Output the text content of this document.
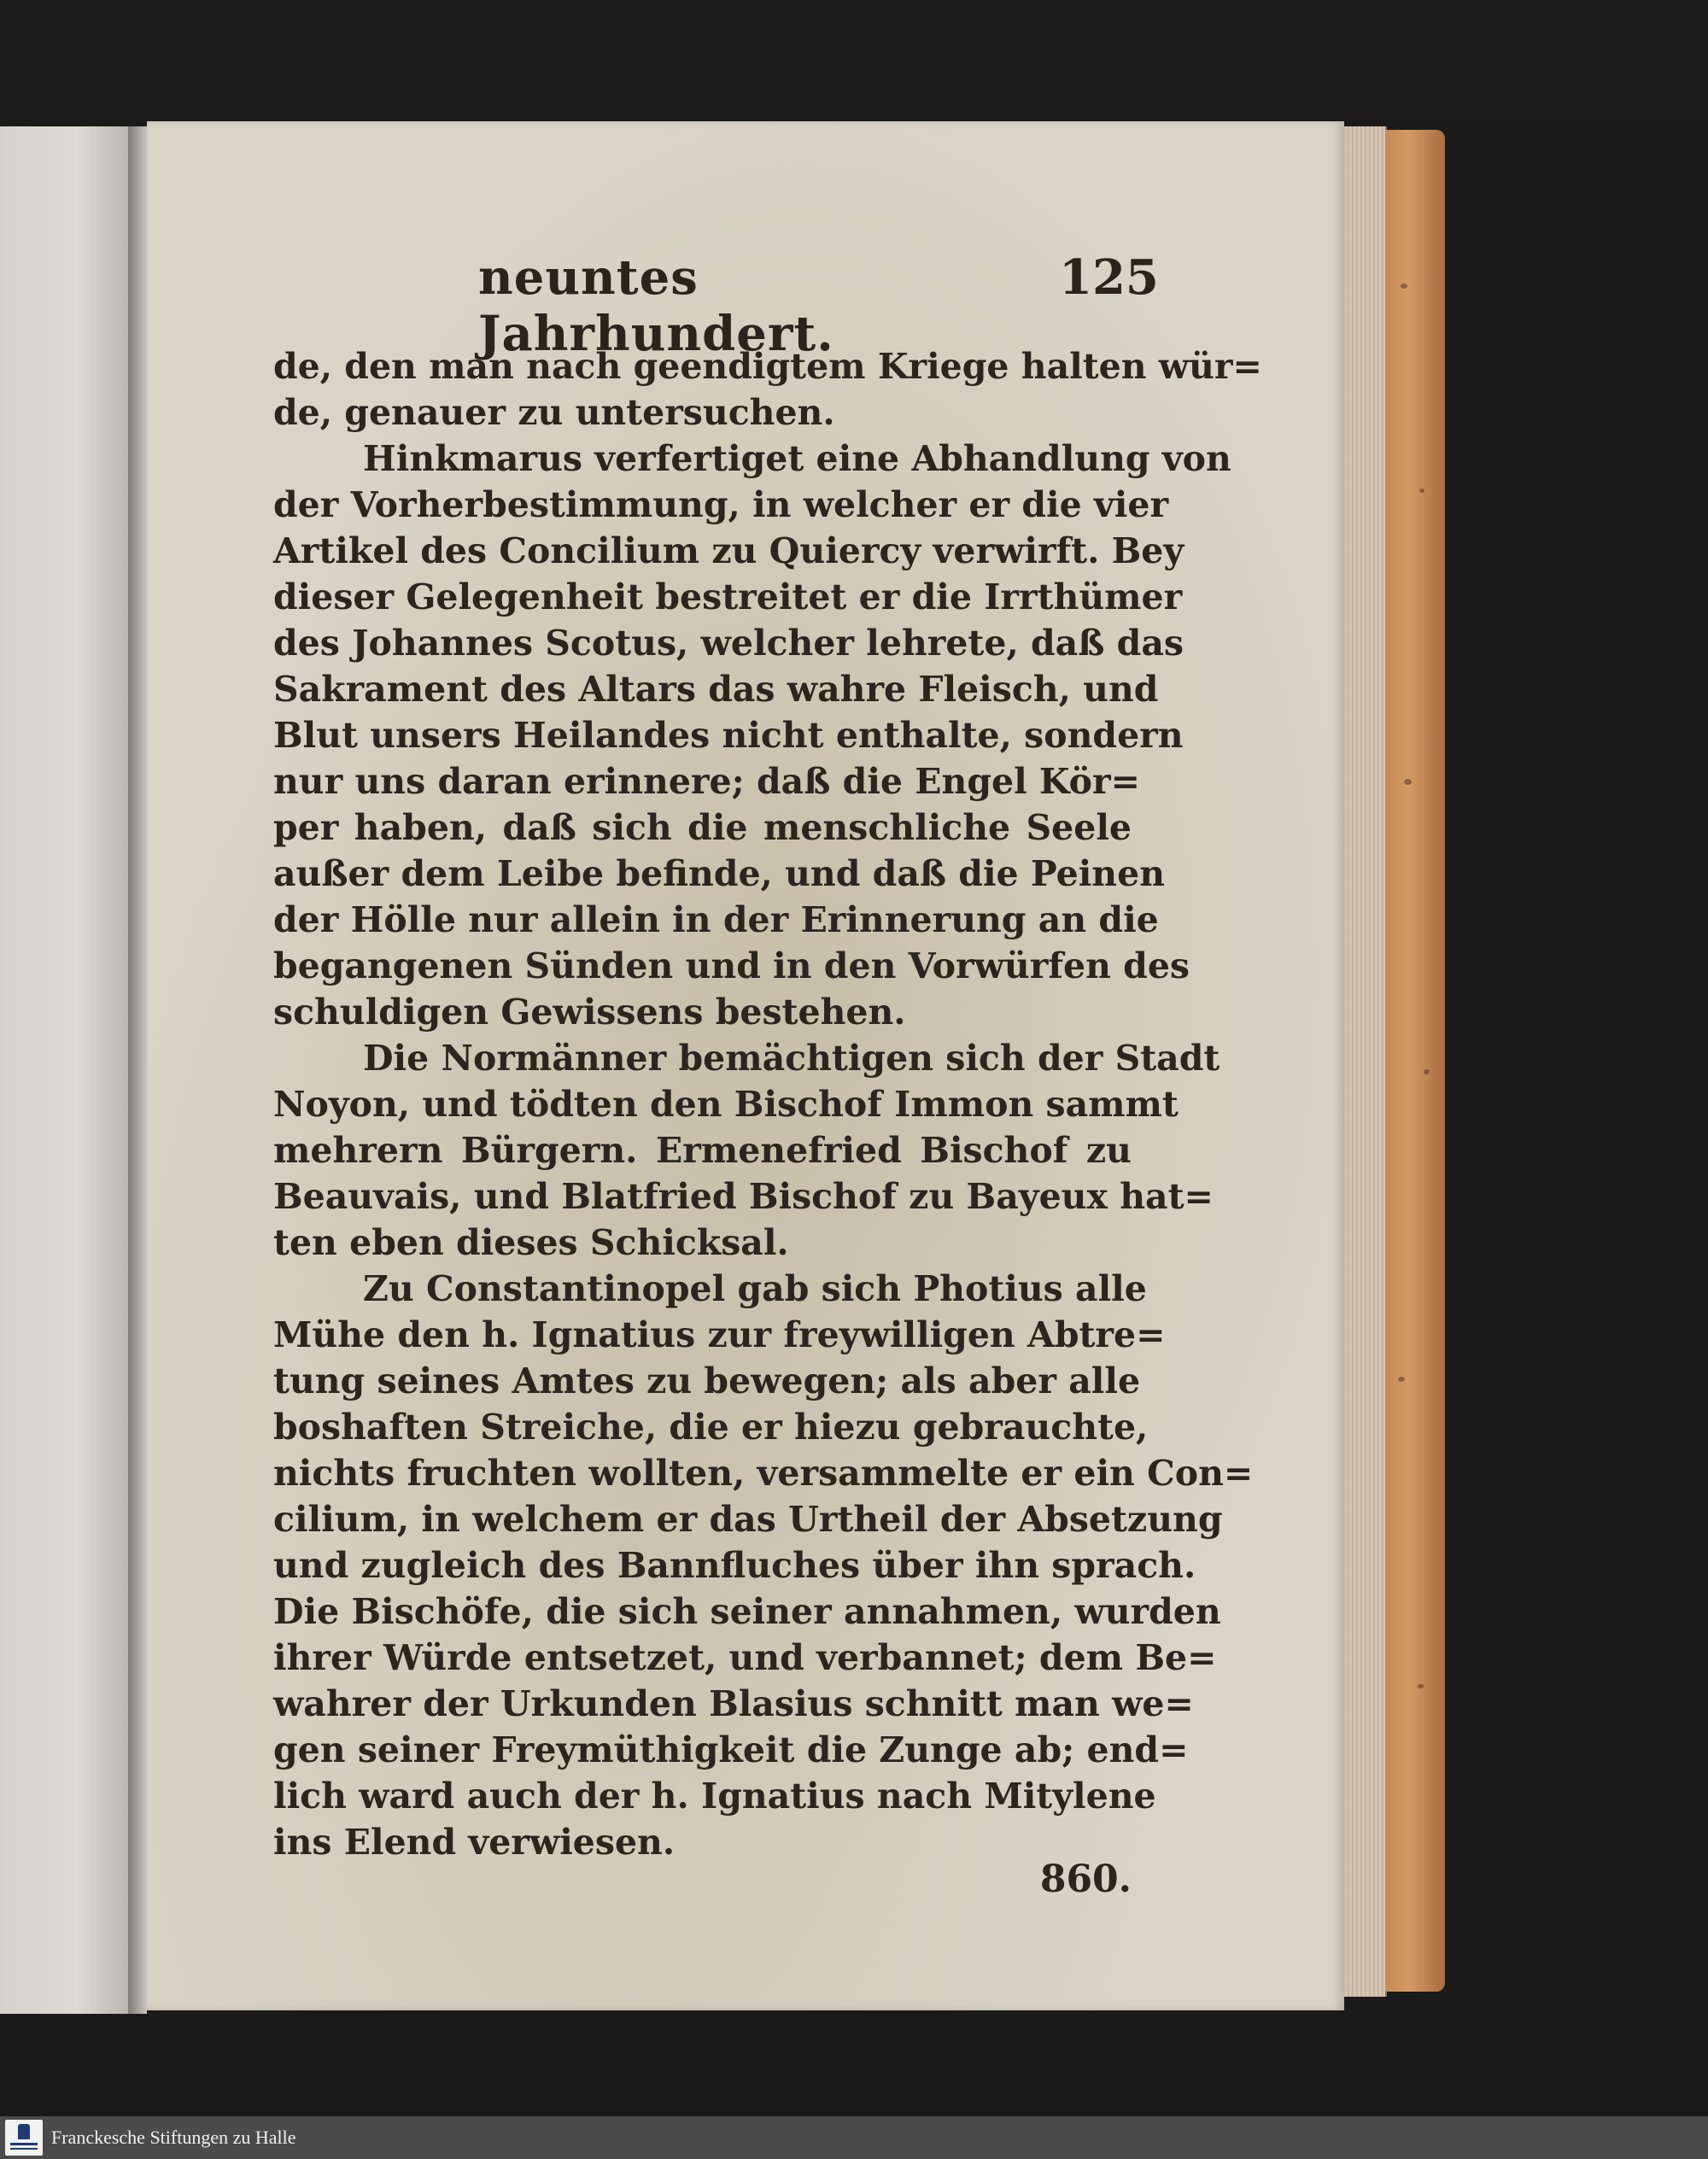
neuntes Jahrhundert.
125
de, den man nach geendigtem Kriege halten wür=
de, genauer zu untersuchen.
Hinkmarus verfertiget eine Abhandlung von
der Vorherbestimmung, in welcher er die vier
Artikel des Concilium zu Quiercy verwirft. Bey
dieser Gelegenheit bestreitet er die Irrthümer
des Johannes Scotus, welcher lehrete, daß das
Sakrament des Altars das wahre Fleisch, und
Blut unsers Heilandes nicht enthalte, sondern
nur uns daran erinnere; daß die Engel Kör=
per haben, daß sich die menschliche Seele
außer dem Leibe befinde, und daß die Peinen
der Hölle nur allein in der Erinnerung an die
begangenen Sünden und in den Vorwürfen des
schuldigen Gewissens bestehen.
Die Normänner bemächtigen sich der Stadt
Noyon, und tödten den Bischof Immon sammt
mehrern Bürgern. Ermenefried Bischof zu
Beauvais, und Blatfried Bischof zu Bayeux hat=
ten eben dieses Schicksal.
Zu Constantinopel gab sich Photius alle
Mühe den h. Ignatius zur freywilligen Abtre=
tung seines Amtes zu bewegen; als aber alle
boshaften Streiche, die er hiezu gebrauchte,
nichts fruchten wollten, versammelte er ein Con=
cilium, in welchem er das Urtheil der Absetzung
und zugleich des Bannfluches über ihn sprach.
Die Bischöfe, die sich seiner annahmen, wurden
ihrer Würde entsetzet, und verbannet; dem Be=
wahrer der Urkunden Blasius schnitt man we=
gen seiner Freymüthigkeit die Zunge ab; end=
lich ward auch der h. Ignatius nach Mitylene
ins Elend verwiesen.
860.
Franckesche Stiftungen zu Halle
